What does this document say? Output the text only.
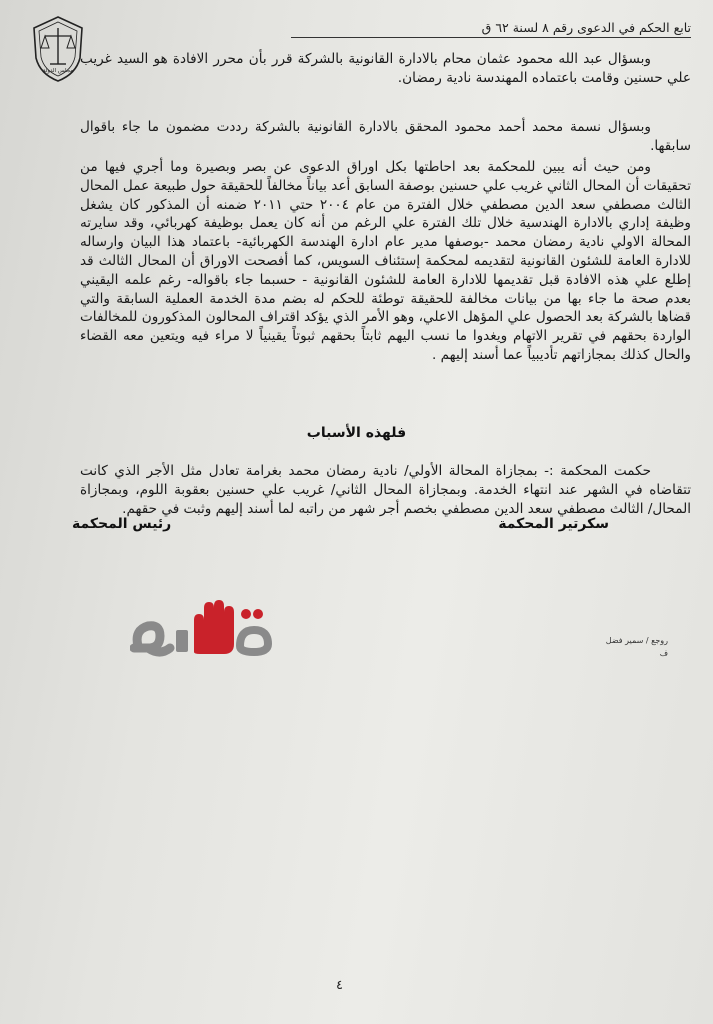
مجلس الدولة
تابع الحكم في الدعوى رقم ٨ لسنة ٦٢ ق

وبسؤال عبد الله محمود عثمان محام بالادارة القانونية بالشركة قرر بأن محرر الافادة هو السيد غريب علي حسنين وقامت باعتماده المهندسة نادية رمضان.

وبسؤال نسمة محمد أحمد محمود المحقق بالادارة القانونية بالشركة رددت مضمون ما جاء باقوال سابقها.

ومن حيث أنه يبين للمحكمة بعد احاطتها بكل اوراق الدعوى عن بصر وبصيرة وما أجري فيها من تحقيقات أن المحال الثاني غريب علي حسنين بوصفة السابق أعد بياناً مخالفاً للحقيقة حول طبيعة عمل المحال الثالث مصطفي سعد الدين مصطفي خلال الفترة من عام ٢٠٠٤ حتي ٢٠١١ ضمنه أن المذكور كان يشغل وظيفة إداري بالادارة الهندسية خلال تلك الفترة علي الرغم من أنه كان يعمل بوظيفة كهربائي، وقد سايرته المحالة الاولي نادية رمضان محمد -بوصفها مدير عام ادارة الهندسة الكهربائية- باعتماد هذا البيان وارساله للادارة العامة للشئون القانونية لتقديمه لمحكمة إستئناف السويس، كما أفصحت الاوراق أن المحال الثالث قد إطلع علي هذه الافادة قبل تقديمها للادارة العامة للشئون القانونية - حسبما جاء باقواله- رغم علمه اليقيني بعدم صحة ما جاء بها من بيانات مخالفة للحقيقة توطئة للحكم له بضم مدة الخدمة العملية السابقة والتي قضاها بالشركة بعد الحصول علي المؤهل الاعلي، وهو الأمر الذي يؤكد اقتراف المحالون المذكورون للمخالفات الواردة بحقهم في تقرير الاتهام ويغدوا ما نسب اليهم ثابتاً بحقهم ثبوتاً يقينياً لا مراء فيه ويتعين معه القضاء والحال كذلك بمجازاتهم تأديبياً عما أسند إليهم .

فلهذه الأسباب

حكمت المحكمة :- بمجازاة المحالة الأولي/ نادية رمضان محمد بغرامة تعادل مثل الأجر الذي كانت تتقاضاه في الشهر عند انتهاء الخدمة. وبمجازاة المحال الثاني/ غريب علي حسنين بعقوبة اللوم، وبمجازاة المحال/ الثالث مصطفي سعد الدين مصطفي بخصم أجر شهر من راتبه لما أسند إليهم وثبت في حقهم.

سكرتير المحكمة
رئيس المحكمة
فيتو
روجع / سمير فضل
ف
٤
